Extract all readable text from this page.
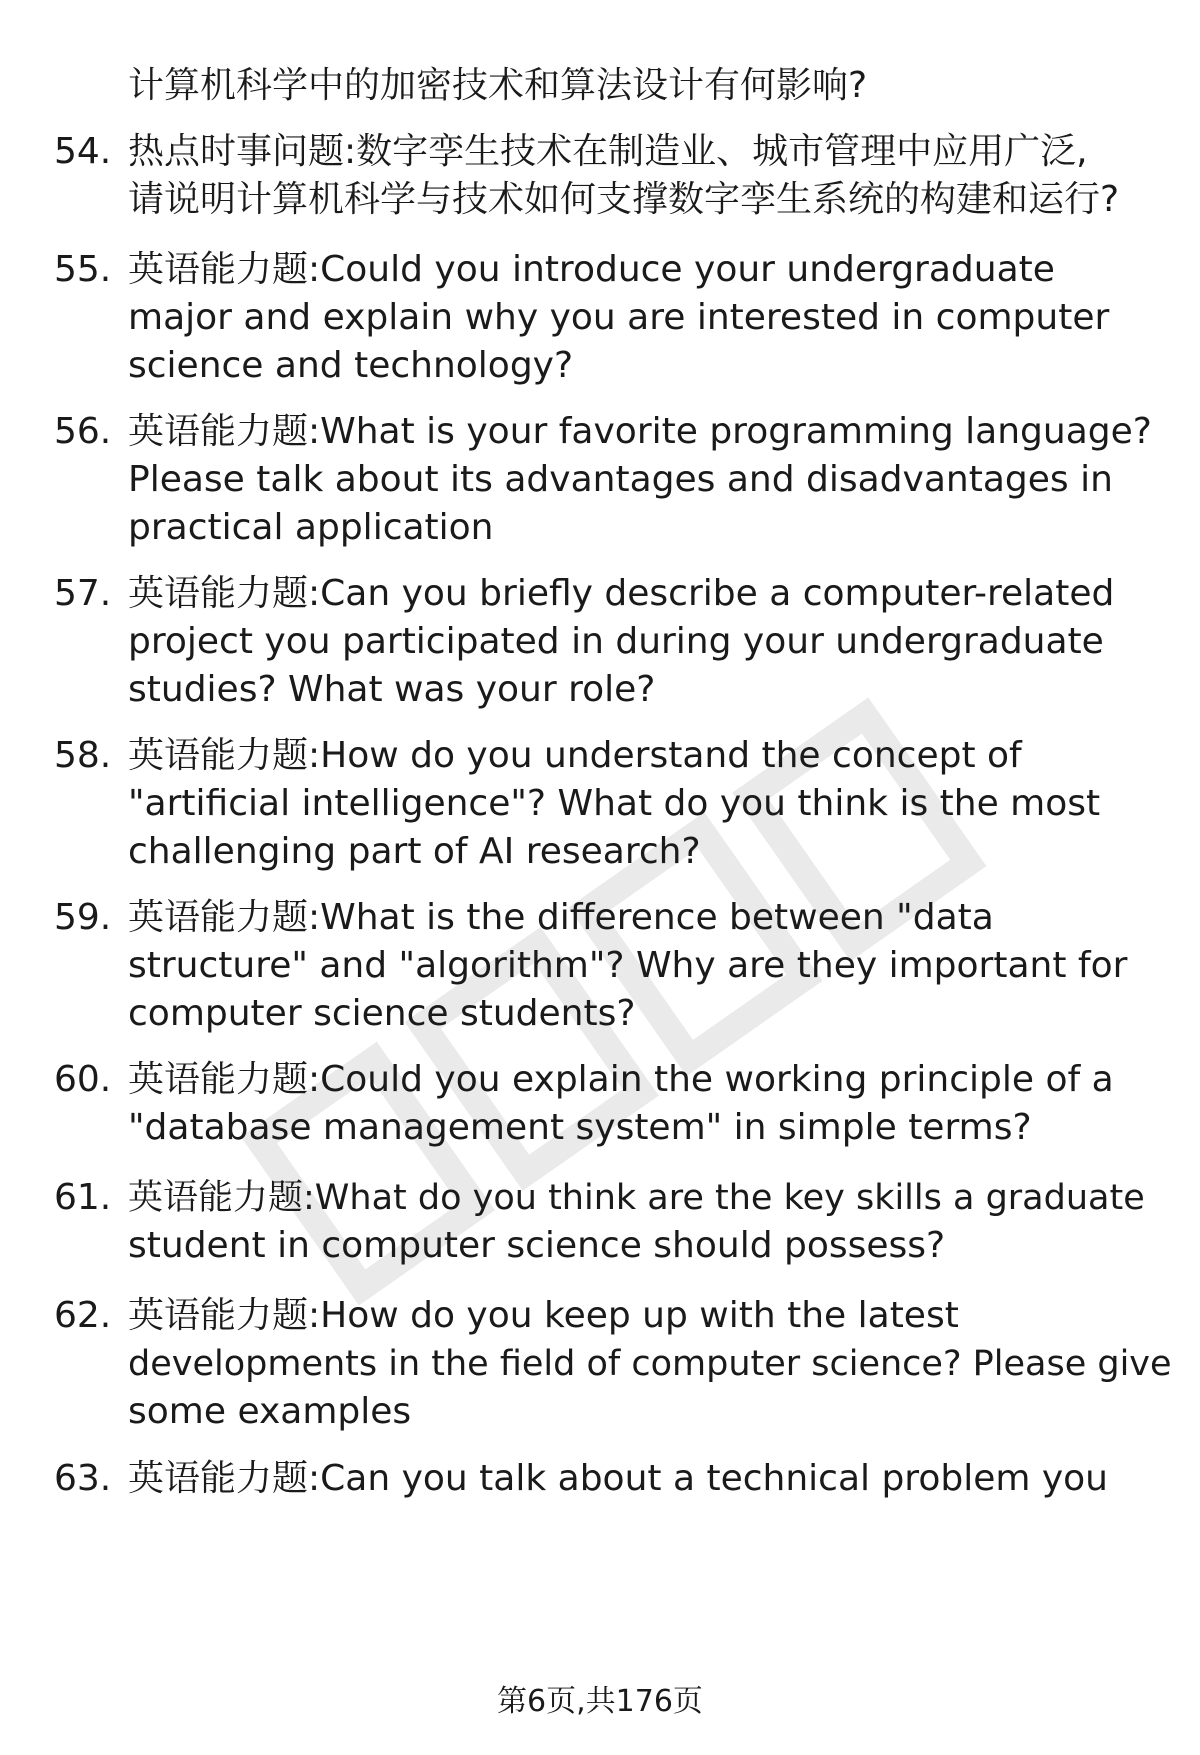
计算机科学中的加密技术和算法设计有何影响?
54. 热点时事问题:数字孪生技术在制造业、城市管理中应用广泛,
请说明计算机科学与技术如何支撑数字孪生系统的构建和运行?
55. 英语能力题:Could you introduce your undergraduate
major and explain why you are interested in computer
science and technology?
56. 英语能力题:What is your favorite programming language?
Please talk about its advantages and disadvantages in
practical application
57. 英语能力题:Can you briefly describe a computer-related
project you participated in during your undergraduate
studies? What was your role?
58. 英语能力题:How do you understand the concept of
"artificial intelligence"? What do you think is the most
challenging part of AI research?
59. 英语能力题:What is the difference between "data
structure" and "algorithm"? Why are they important for
computer science students?
60. 英语能力题:Could you explain the working principle of a
"database management system" in simple terms?
61. 英语能力题:What do you think are the key skills a graduate
student in computer science should possess?
62. 英语能力题:How do you keep up with the latest
developments in the field of computer science? Please give
some examples
63. 英语能力题:Can you talk about a technical problem you
第6页,共176页
